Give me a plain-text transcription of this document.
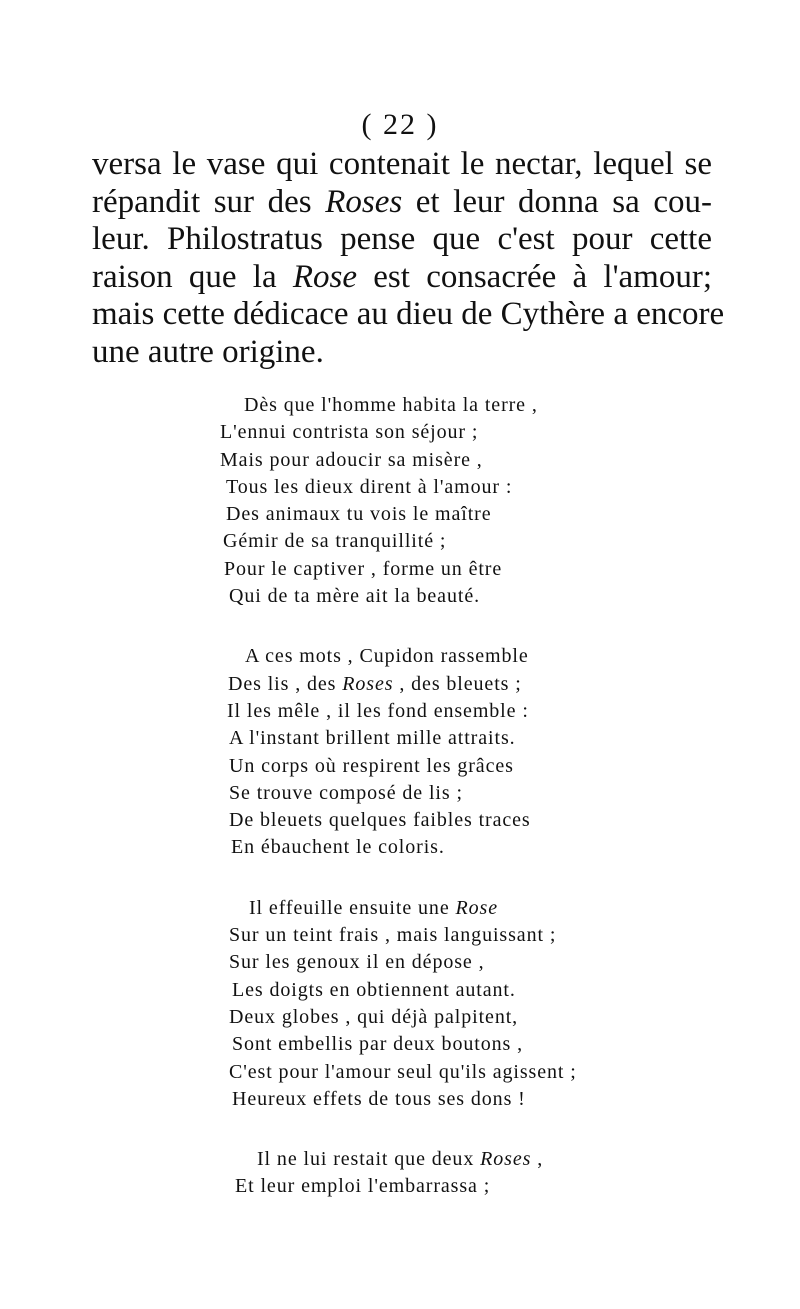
( 22 )
versa le vase qui contenait le nectar, lequel se
répandit sur des Roses et leur donna sa cou-
leur. Philostratus pense que c'est pour cette
raison que la Rose est consacrée à l'amour;
mais cette dédicace au dieu de Cythère a encore
une autre origine.
Dès que l'homme habita la terre ,
L'ennui contrista son séjour ;
Mais pour adoucir sa misère ,
Tous les dieux dirent à l'amour :
Des animaux tu vois le maître
Gémir de sa tranquillité ;
Pour le captiver , forme un être
Qui de ta mère ait la beauté.
A ces mots , Cupidon rassemble
Des lis , des Roses , des bleuets ;
Il les mêle , il les fond ensemble :
A l'instant brillent mille attraits.
Un corps où respirent les grâces
Se trouve composé de lis ;
De bleuets quelques faibles traces
En ébauchent le coloris.
Il effeuille ensuite une Rose
Sur un teint frais , mais languissant ;
Sur les genoux il en dépose ,
Les doigts en obtiennent autant.
Deux globes , qui déjà palpitent,
Sont embellis par deux boutons ,
C'est pour l'amour seul qu'ils agissent ;
Heureux effets de tous ses dons !
Il ne lui restait que deux Roses ,
Et leur emploi l'embarrassa ;
